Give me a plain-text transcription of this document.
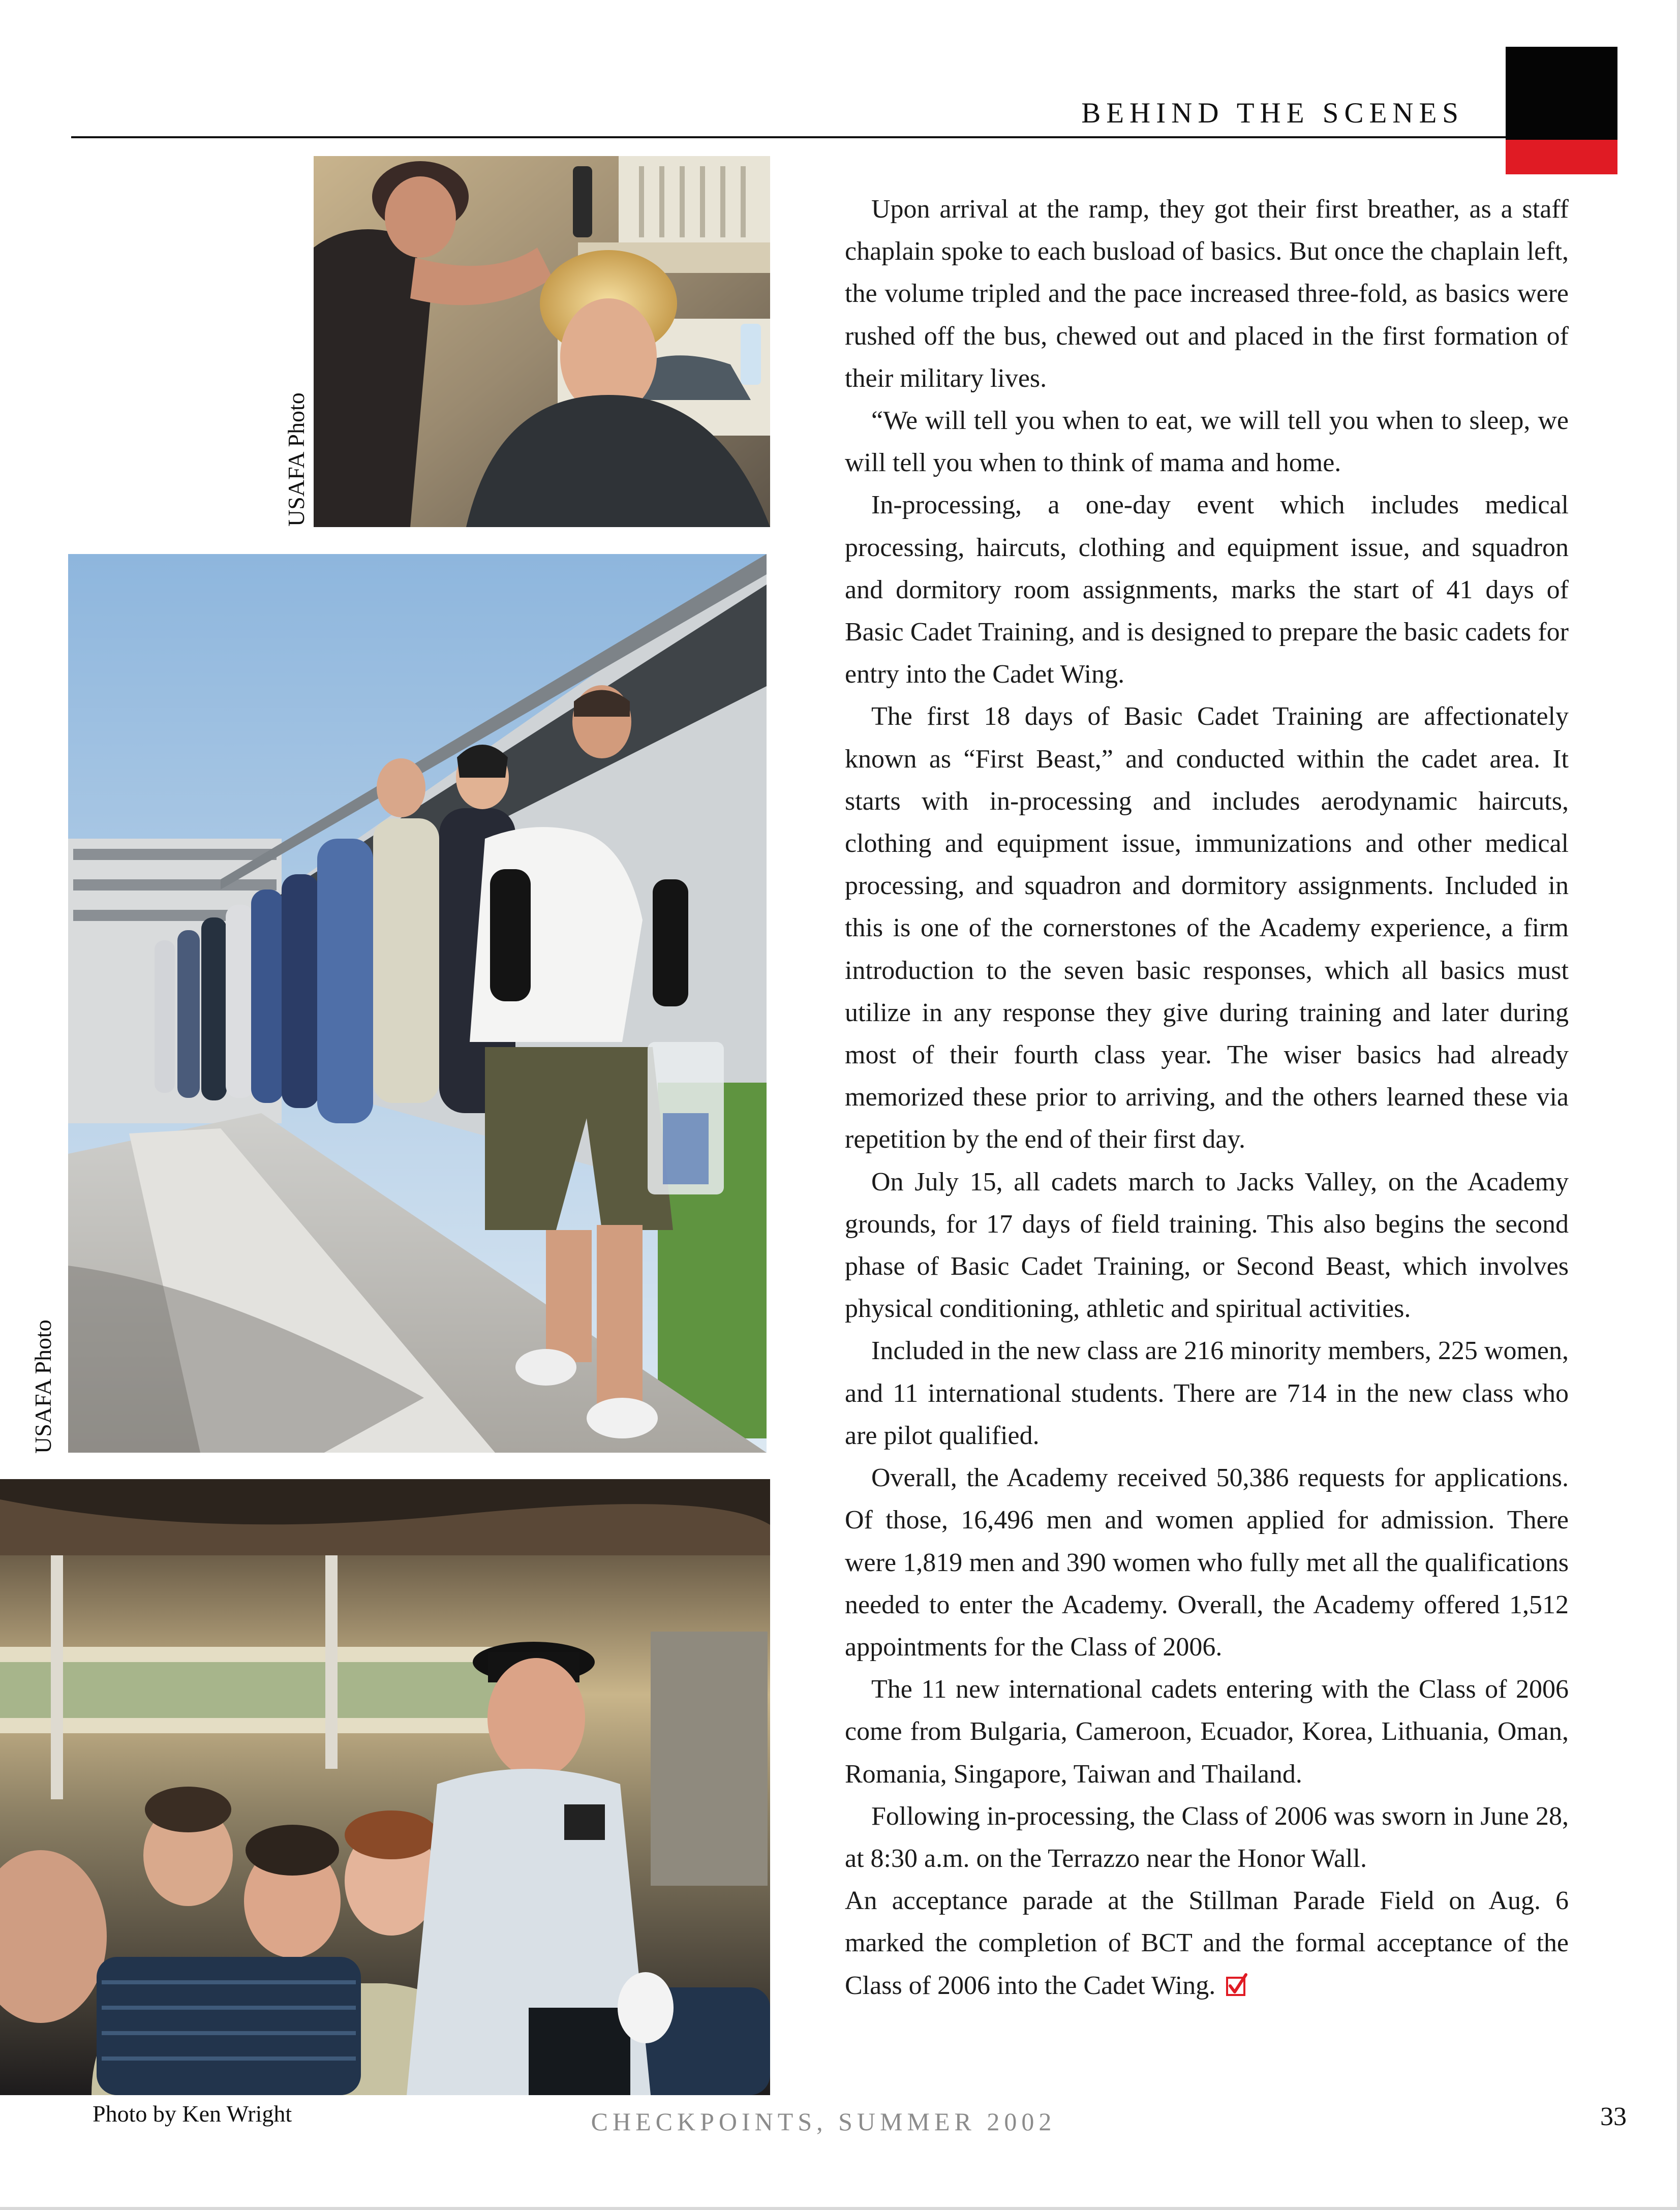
BEHIND THE SCENES
USAFA Photo
USAFA Photo
Photo by Ken Wright

Upon arrival at the ramp, they got their first breather, as a staff chaplain spoke to each busload of basics. But once the chaplain left, the volume tripled and the pace increased three-fold, as basics were rushed off the bus, chewed out and placed in the first formation of their military lives.

“We will tell you when to eat, we will tell you when to sleep, we will tell you when to think of mama and home.

In-processing, a one-day event which includes medical processing, haircuts, clothing and equipment issue, and squadron and dormitory room assignments, marks the start of 41 days of Basic Cadet Training, and is designed to prepare the basic cadets for entry into the Cadet Wing.

The first 18 days of Basic Cadet Training are affectionately known as “First Beast,” and conducted within the cadet area. It starts with in-processing and includes aerodynamic haircuts, clothing and equipment issue, immunizations and other medical processing, and squadron and dormitory assignments. Included in this is one of the cornerstones of the Academy experience, a firm introduction to the seven basic responses, which all basics must utilize in any response they give during training and later during most of their fourth class year. The wiser basics had already memorized these prior to arriving, and the others learned these via repetition by the end of their first day.

On July 15, all cadets march to Jacks Valley, on the Academy grounds, for 17 days of field training. This also begins the second phase of Basic Cadet Training, or Second Beast, which involves physical conditioning, athletic and spiritual activities.

Included in the new class are 216 minority members, 225 women, and 11 international students. There are 714 in the new class who are pilot qualified.

Overall, the Academy received 50,386 requests for applications. Of those, 16,496 men and women applied for admission. There were 1,819 men and 390 women who fully met all the qualifications needed to enter the Academy. Overall, the Academy offered 1,512 appointments for the Class of 2006.

The 11 new international cadets entering with the Class of 2006 come from Bulgaria, Cameroon, Ecuador, Korea, Lithuania, Oman, Romania, Singapore, Taiwan and Thailand.

Following in-processing, the Class of 2006 was sworn in June 28, at 8:30 a.m. on the Terrazzo near the Honor Wall.

An acceptance parade at the Stillman Parade Field on Aug. 6 marked the completion of BCT and the formal acceptance of the Class of 2006 into the Cadet Wing.

CHECKPOINTS, SUMMER 2002	33
